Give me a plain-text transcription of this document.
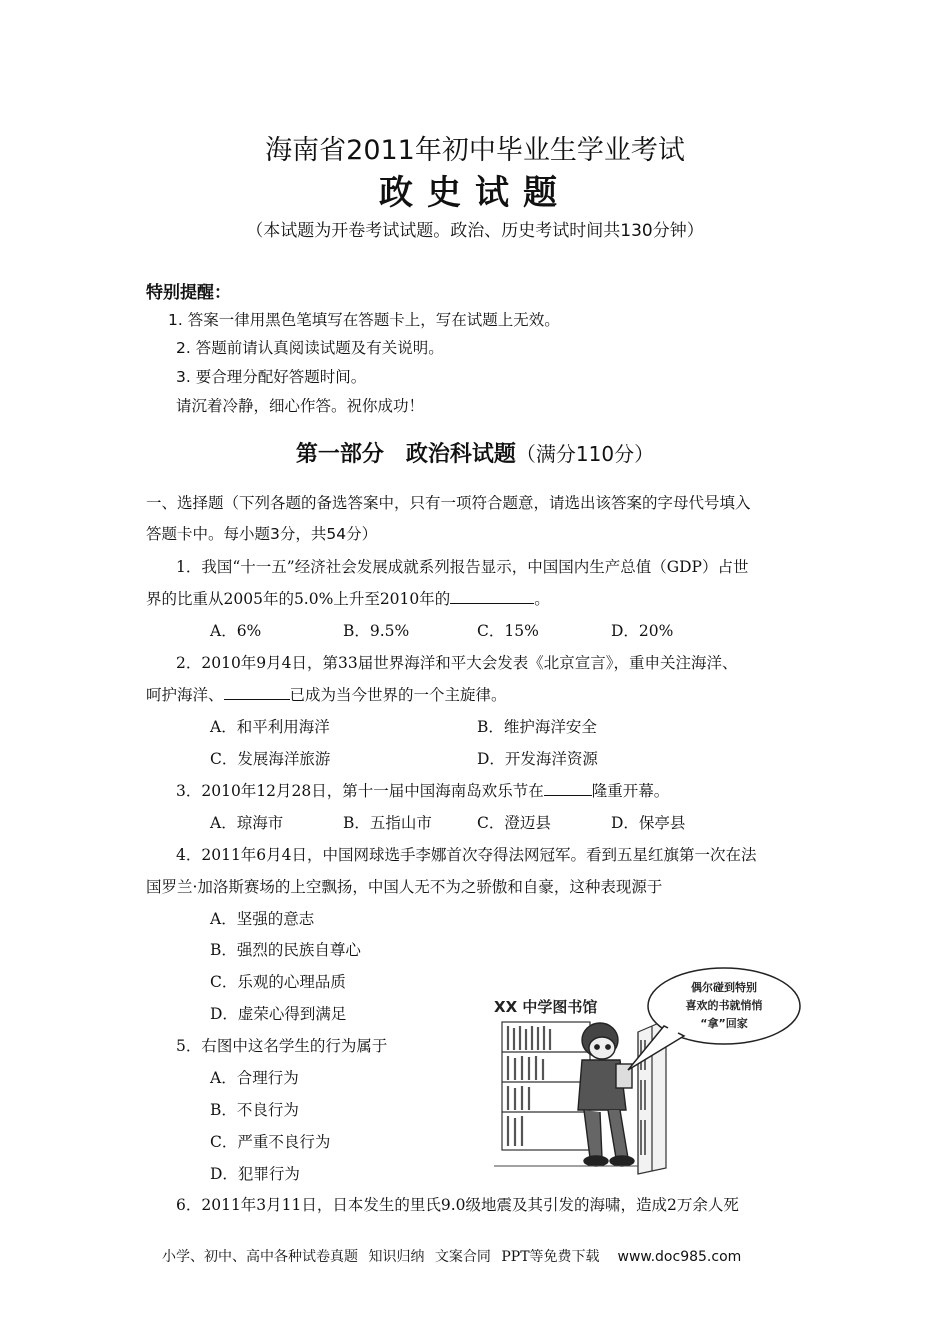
海南省2011年初中毕业生学业考试
政史试题
（本试题为开卷考试试题。政治、历史考试时间共130分钟）
特别提醒：
1. 答案一律用黑色笔填写在答题卡上，写在试题上无效。
2. 答题前请认真阅读试题及有关说明。
3. 要合理分配好答题时间。
请沉着冷静，细心作答。祝你成功！
第一部分　政治科试题（满分110分）
一、选择题（下列各题的备选答案中，只有一项符合题意，请选出该答案的字母代号填入
答题卡中。每小题3分，共54分）
1．我国“十一五”经济社会发展成就系列报告显示，中国国内生产总值（GDP）占世
界的比重从2005年的5.0%上升至2010年的	。
A．6%	B．9.5%	C．15%	D．20%
2．2010年9月4日，第33届世界海洋和平大会发表《北京宣言》，重申关注海洋、
呵护海洋、	已成为当今世界的一个主旋律。
A．和平利用海洋	B．维护海洋安全
C．发展海洋旅游	D．开发海洋资源
3．2010年12月28日，第十一届中国海南岛欢乐节在	隆重开幕。
A．琼海市	B．五指山市	C．澄迈县	D．保亭县
4．2011年6月4日，中国网球选手李娜首次夺得法网冠军。看到五星红旗第一次在法
国罗兰·加洛斯赛场的上空飘扬，中国人无不为之骄傲和自豪，这种表现源于
A．坚强的意志
B．强烈的民族自尊心
C．乐观的心理品质
D．虚荣心得到满足
5．右图中这名学生的行为属于
A．合理行为
B．不良行为
C．严重不良行为
D．犯罪行为
6．2011年3月11日，日本发生的里氏9.0级地震及其引发的海啸，造成2万余人死
XX 中学图书馆
偶尔碰到特别
喜欢的书就悄悄
“拿”回家
小学、初中、高中各种试卷真题 知识归纳 文案合同 PPT等免费下载 www.doc985.com
